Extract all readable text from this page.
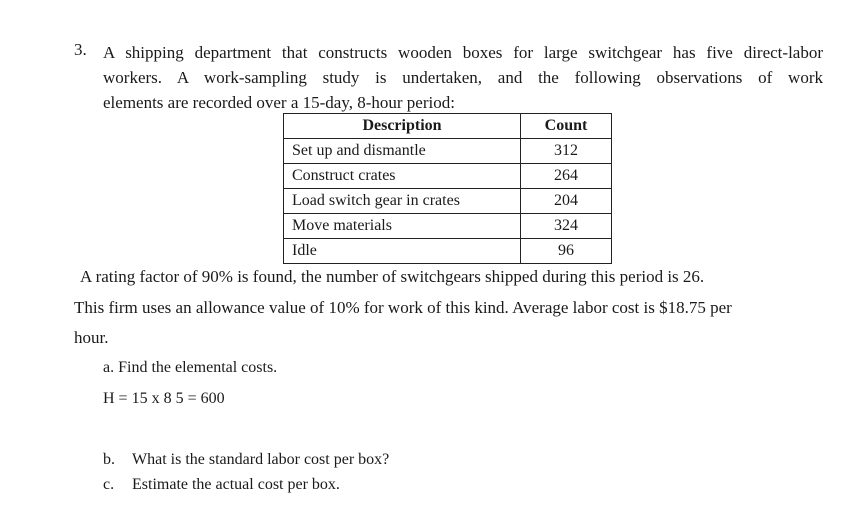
3. A shipping department that constructs wooden boxes for large switchgear has five direct-labor
workers. A work-sampling study is undertaken, and the following observations of work
elements are recorded over a 15-day, 8-hour period:
Description	Count
Set up and dismantle	312
Construct crates	264
Load switch gear in crates	204
Move materials	324
Idle	96
A rating factor of 90% is found, the number of switchgears shipped during this period is 26.
This firm uses an allowance value of 10% for work of this kind. Average labor cost is $18.75 per
hour.
a. Find the elemental costs.
H = 15 x 8 5 = 600
b. What is the standard labor cost per box?
c. Estimate the actual cost per box.
